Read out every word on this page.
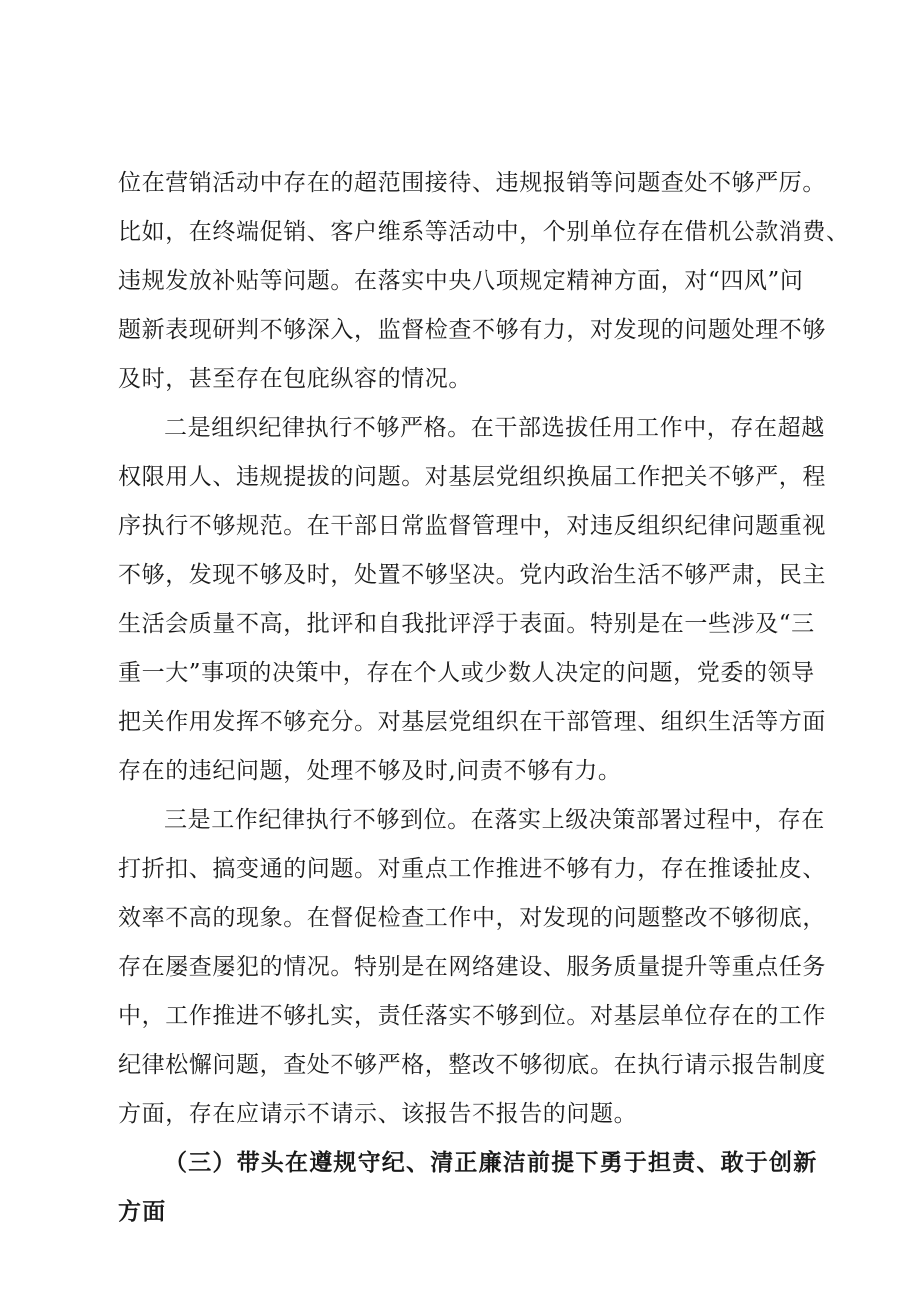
位在营销活动中存在的超范围接待、违规报销等问题查处不够严厉。
比如，在终端促销、客户维系等活动中，个别单位存在借机公款消费、
违规发放补贴等问题。在落实中央八项规定精神方面，对“四风”问
题新表现研判不够深入，监督检查不够有力，对发现的问题处理不够
及时，甚至存在包庇纵容的情况。
二是组织纪律执行不够严格。在干部选拔任用工作中，存在超越
权限用人、违规提拔的问题。对基层党组织换届工作把关不够严，程
序执行不够规范。在干部日常监督管理中，对违反组织纪律问题重视
不够，发现不够及时，处置不够坚决。党内政治生活不够严肃，民主
生活会质量不高，批评和自我批评浮于表面。特别是在一些涉及“三
重一大”事项的决策中，存在个人或少数人决定的问题，党委的领导
把关作用发挥不够充分。对基层党组织在干部管理、组织生活等方面
存在的违纪问题，处理不够及时,问责不够有力。
三是工作纪律执行不够到位。在落实上级决策部署过程中，存在
打折扣、搞变通的问题。对重点工作推进不够有力，存在推诿扯皮、
效率不高的现象。在督促检查工作中，对发现的问题整改不够彻底，
存在屡查屡犯的情况。特别是在网络建设、服务质量提升等重点任务
中，工作推进不够扎实，责任落实不够到位。对基层单位存在的工作
纪律松懈问题，查处不够严格，整改不够彻底。在执行请示报告制度
方面，存在应请示不请示、该报告不报告的问题。
（三）带头在遵规守纪、清正廉洁前提下勇于担责、敢于创新
方面
